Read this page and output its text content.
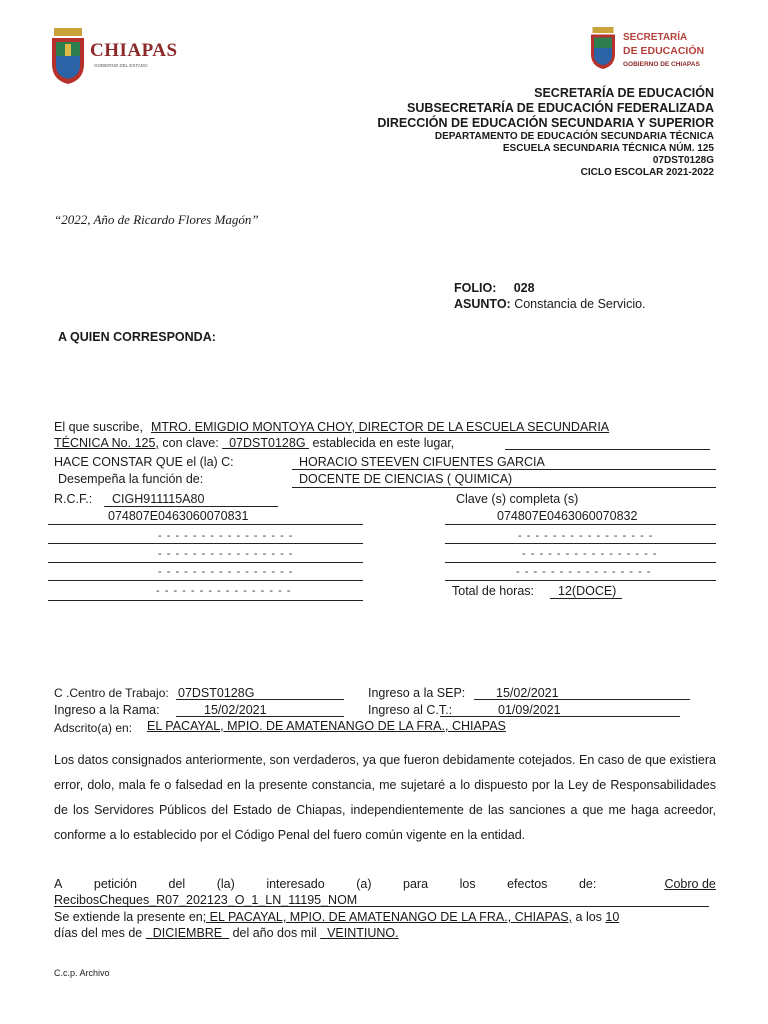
CHIAPAS
GOBIERNO DEL ESTADO
SECRETARÍA
DE EDUCACIÓN
GOBIERNO DE CHIAPAS
SECRETARÍA DE EDUCACIÓN
SUBSECRETARÍA DE EDUCACIÓN FEDERALIZADA
DIRECCIÓN DE EDUCACIÓN SECUNDARIA Y SUPERIOR
DEPARTAMENTO DE EDUCACIÓN SECUNDARIA TÉCNICA
ESCUELA SECUNDARIA TÉCNICA NÚM. 125
07DST0128G
CICLO ESCOLAR 2021-2022
“2022, Año de Ricardo Flores Magón”
FOLIO: 028
ASUNTO: Constancia de Servicio.
A QUIEN CORRESPONDA:
El que suscribe, MTRO. EMIGDIO MONTOYA CHOY, DIRECTOR DE LA ESCUELA SECUNDARIA
TÉCNICA No. 125, con clave: 07DST0128G establecida en este lugar,
HACE CONSTAR QUE el (la) C:	HORACIO STEEVEN CIFUENTES GARCIA
Desempeña la función de:	DOCENTE DE CIENCIAS ( QUIMICA)
R.C.F.: CIGH911115A80	Clave (s) completa (s)
074807E0463060070831	074807E0463060070832
- - - - - - - - - - - - - - - -	- - - - - - - - - - - - - - - -
- - - - - - - - - - - - - - - -	- - - - - - - - - - - - - - - -
- - - - - - - - - - - - - - - -	- - - - - - - - - - - - - - - -
- - - - - - - - - - - - - - - -	Total de horas: 12(DOCE)
C .Centro de Trabajo: 07DST0128G	Ingreso a la SEP: 15/02/2021
Ingreso a la Rama:	15/02/2021	Ingreso al C.T.:	01/09/2021
Adscrito(a) en: EL PACAYAL, MPIO. DE AMATENANGO DE LA FRA., CHIAPAS
Los datos consignados anteriormente, son verdaderos, ya que fueron debidamente cotejados. En caso de que existiera error, dolo, mala fe o falsedad en la presente constancia, me sujetaré a lo dispuesto por la Ley de Responsabilidades de los Servidores Públicos del Estado de Chiapas, independientemente de las sanciones a que me haga acreedor, conforme a lo establecido por el Código Penal del fuero común vigente en la entidad.
A	petición	del	(la)	interesado	(a)	para	los	efectos	de:	Cobro de
RecibosCheques_R07_202123_O_1_LN_11195_NOM
Se extiende la presente en; EL PACAYAL, MPIO. DE AMATENANGO DE LA FRA., CHIAPAS, a los 10
días del mes de DICIEMBRE del año dos mil VEINTIUNO.
C.c.p. Archivo
